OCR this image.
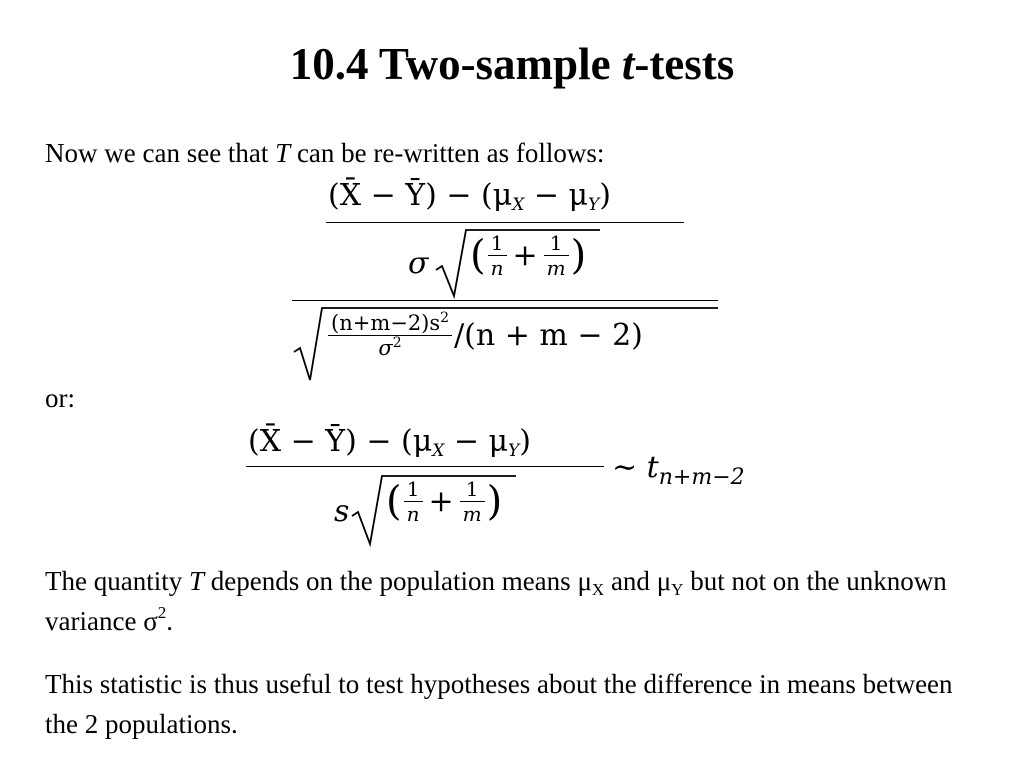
10.4 Two-sample t-tests
Now we can see that T can be re-written as follows:
(X̄ − Ȳ) − $(\mu_X - \mu_Y)$
σ ( $\frac{1}{n} + \frac{1}{m}$ )
$\frac{(n+m-2)s^2}{\sigma^2} /(n + m - 2)$
or:
(X̄ − Ȳ) − $(\mu_X - \mu_Y)$
s ( $\frac{1}{n} + \frac{1}{m}$ )
∼ $t_{n+m-2}$
The quantity T depends on the population means $\mu_X$ and $\mu_Y$ but not on the unknown variance $\sigma^2$.
This statistic is thus useful to test hypotheses about the difference in means between the 2 populations.
